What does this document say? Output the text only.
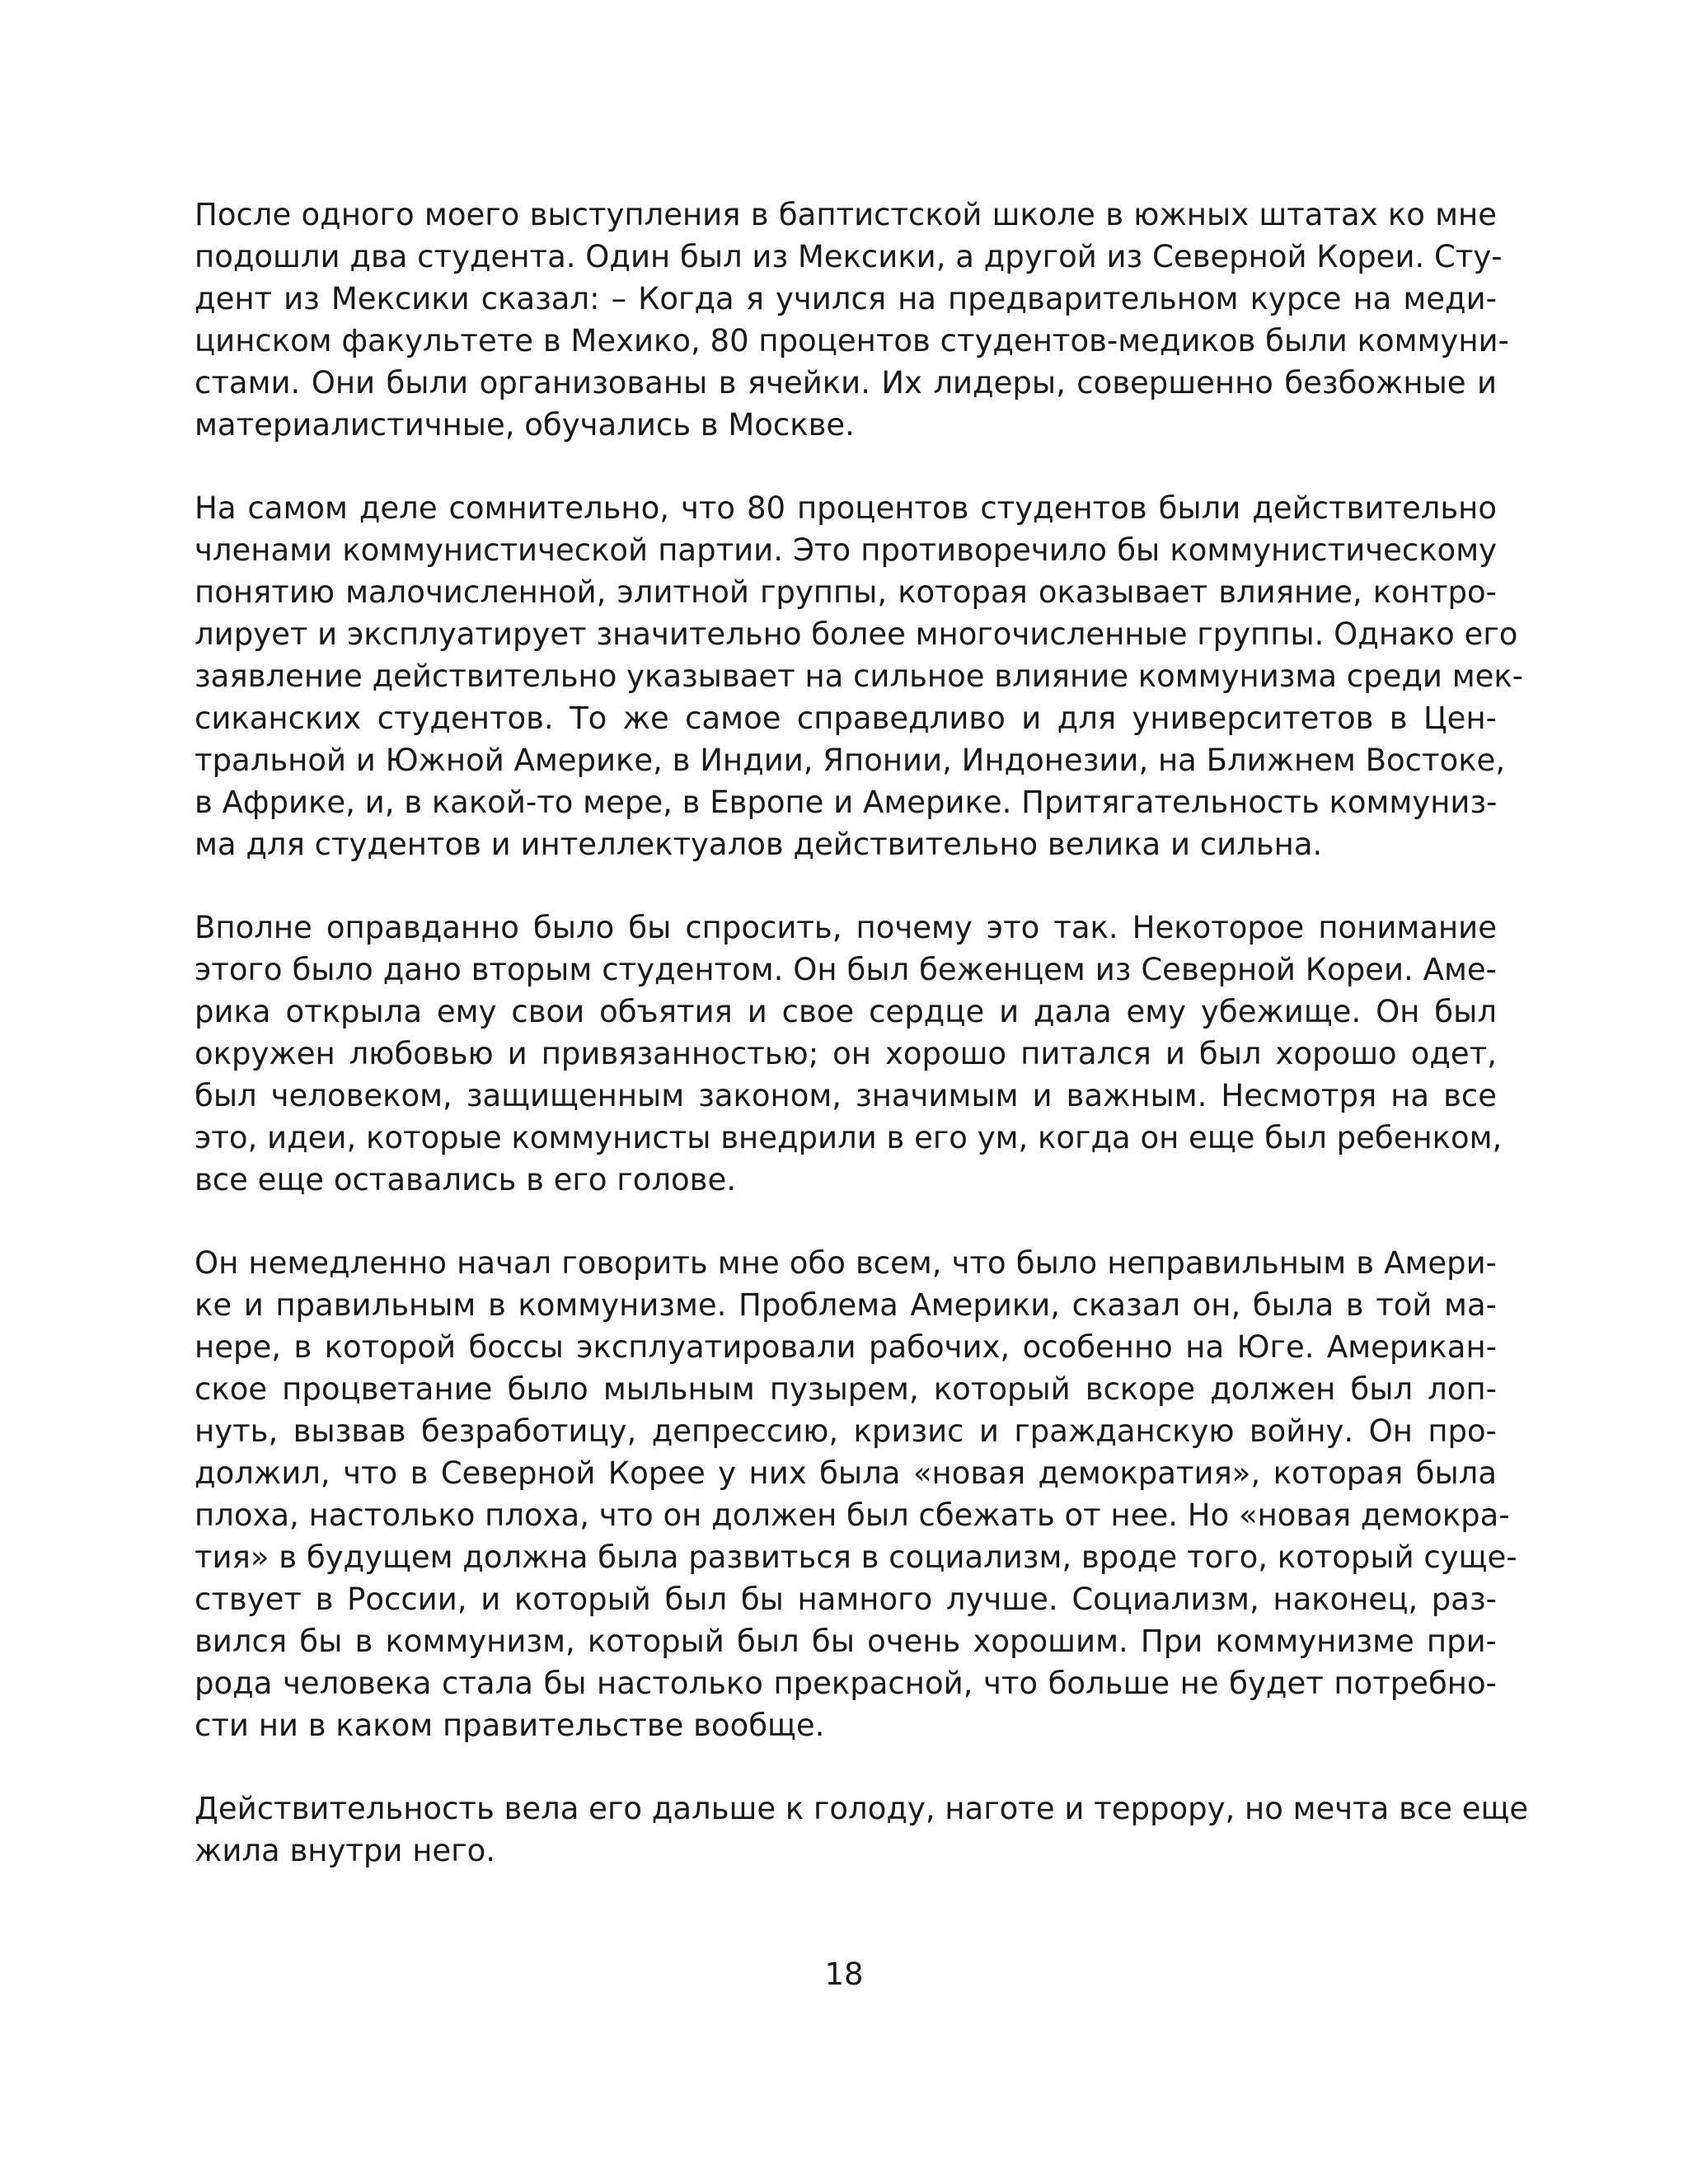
После одного моего выступления в баптистской школе в южных штатах ко мне
подошли два студента. Один был из Мексики, а другой из Северной Кореи. Сту-
дент из Мексики сказал: – Когда я учился на предварительном курсе на меди-
цинском факультете в Мехико, 80 процентов студентов-медиков были коммуни-
стами. Они были организованы в ячейки. Их лидеры, совершенно безбожные и
материалистичные, обучались в Москве.
На самом деле сомнительно, что 80 процентов студентов были действительно
членами коммунистической партии. Это противоречило бы коммунистическому
понятию малочисленной, элитной группы, которая оказывает влияние, контро-
лирует и эксплуатирует значительно более многочисленные группы. Однако его
заявление действительно указывает на сильное влияние коммунизма среди мек-
сиканских студентов. То же самое справедливо и для университетов в Цен-
тральной и Южной Америке, в Индии, Японии, Индонезии, на Ближнем Востоке,
в Африке, и, в какой-то мере, в Европе и Америке. Притягательность коммуниз-
ма для студентов и интеллектуалов действительно велика и сильна.
Вполне оправданно было бы спросить, почему это так. Некоторое понимание
этого было дано вторым студентом. Он был беженцем из Северной Кореи. Аме-
рика открыла ему свои объятия и свое сердце и дала ему убежище. Он был
окружен любовью и привязанностью; он хорошо питался и был хорошо одет,
был человеком, защищенным законом, значимым и важным. Несмотря на все
это, идеи, которые коммунисты внедрили в его ум, когда он еще был ребенком,
все еще оставались в его голове.
Он немедленно начал говорить мне обо всем, что было неправильным в Амери-
ке и правильным в коммунизме. Проблема Америки, сказал он, была в той ма-
нере, в которой боссы эксплуатировали рабочих, особенно на Юге. Американ-
ское процветание было мыльным пузырем, который вскоре должен был лоп-
нуть, вызвав безработицу, депрессию, кризис и гражданскую войну. Он про-
должил, что в Северной Корее у них была «новая демократия», которая была
плоха, настолько плоха, что он должен был сбежать от нее. Но «новая демокра-
тия» в будущем должна была развиться в социализм, вроде того, который суще-
ствует в России, и который был бы намного лучше. Социализм, наконец, раз-
вился бы в коммунизм, который был бы очень хорошим. При коммунизме при-
рода человека стала бы настолько прекрасной, что больше не будет потребно-
сти ни в каком правительстве вообще.
Действительность вела его дальше к голоду, наготе и террору, но мечта все еще
жила внутри него.
18
